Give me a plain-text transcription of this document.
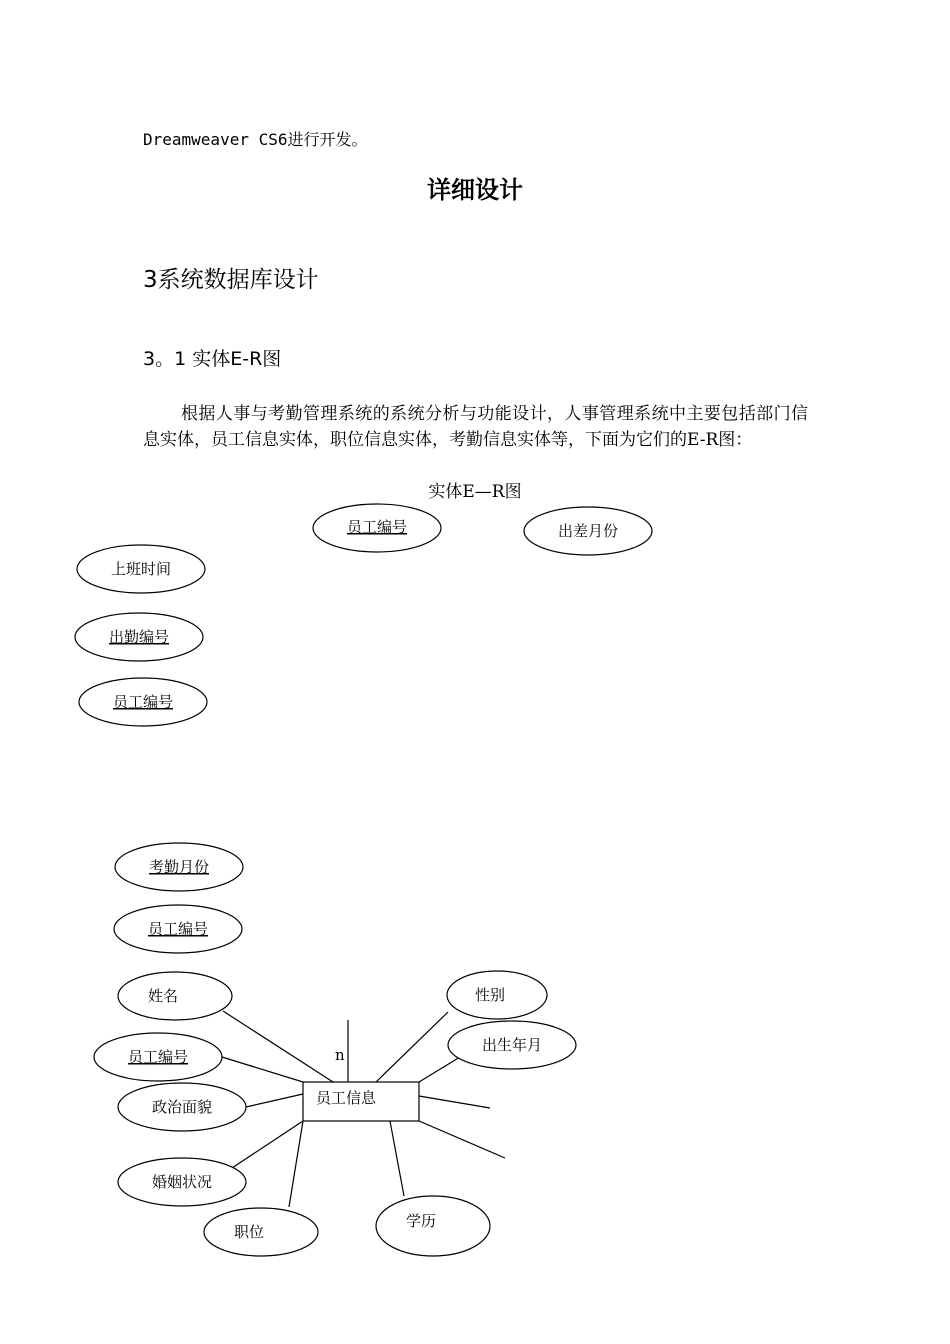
Dreamweaver CS6进行开发。
详细设计
3系统数据库设计
3。1 实体E-R图

根据人事与考勤管理系统的系统分析与功能设计，人事管理系统中主要包括部门信息实体，员工信息实体，职位信息实体，考勤信息实体等，下面为它们的E-R图：

实体E—R图
员工编号	出差月份
上班时间
出勤编号
员工编号
考勤月份
员工编号
n
员工信息
姓名
员工编号
政治面貌
婚姻状况
职位
学历
出生年月
性别
